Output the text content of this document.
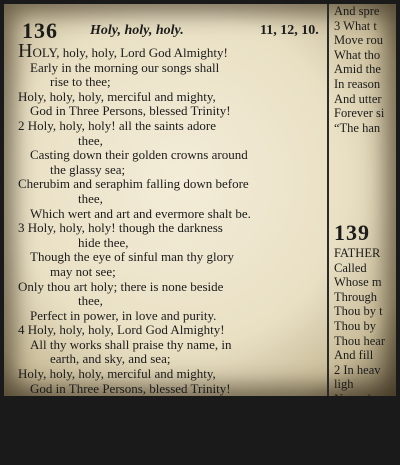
136 Holy, holy, holy.	11, 12, 10.
HOLY, holy, holy, Lord God Almighty!
Early in the morning our songs shall
rise to thee;
Holy, holy, holy, merciful and mighty,
God in Three Persons, blessed Trinity!
2 Holy, holy, holy! all the saints adore
thee,
Casting down their golden crowns around
the glassy sea;
Cherubim and seraphim falling down before
thee,
Which wert and art and evermore shalt be.
3 Holy, holy, holy! though the darkness
hide thee,
Though the eye of sinful man thy glory
may not see;
Only thou art holy; there is none beside
thee,
Perfect in power, in love and purity.
4 Holy, holy, holy, Lord God Almighty!
All thy works shall praise thy name, in
earth, and sky, and sea;
Holy, holy, holy, merciful and mighty,
God in Three Persons, blessed Trinity!
REGINALD HEBER.
And spre
3 What t
Move rou
What tho
Amid the
In reason
And utter
Forever si
“The han
139
FATHER
Called
Whose m
Through
Thou by t
Thou by
Thou hear
And fill
2 In heav
ligh
Nature's
Earth, air
And hel
Wisdom,
Prostra
